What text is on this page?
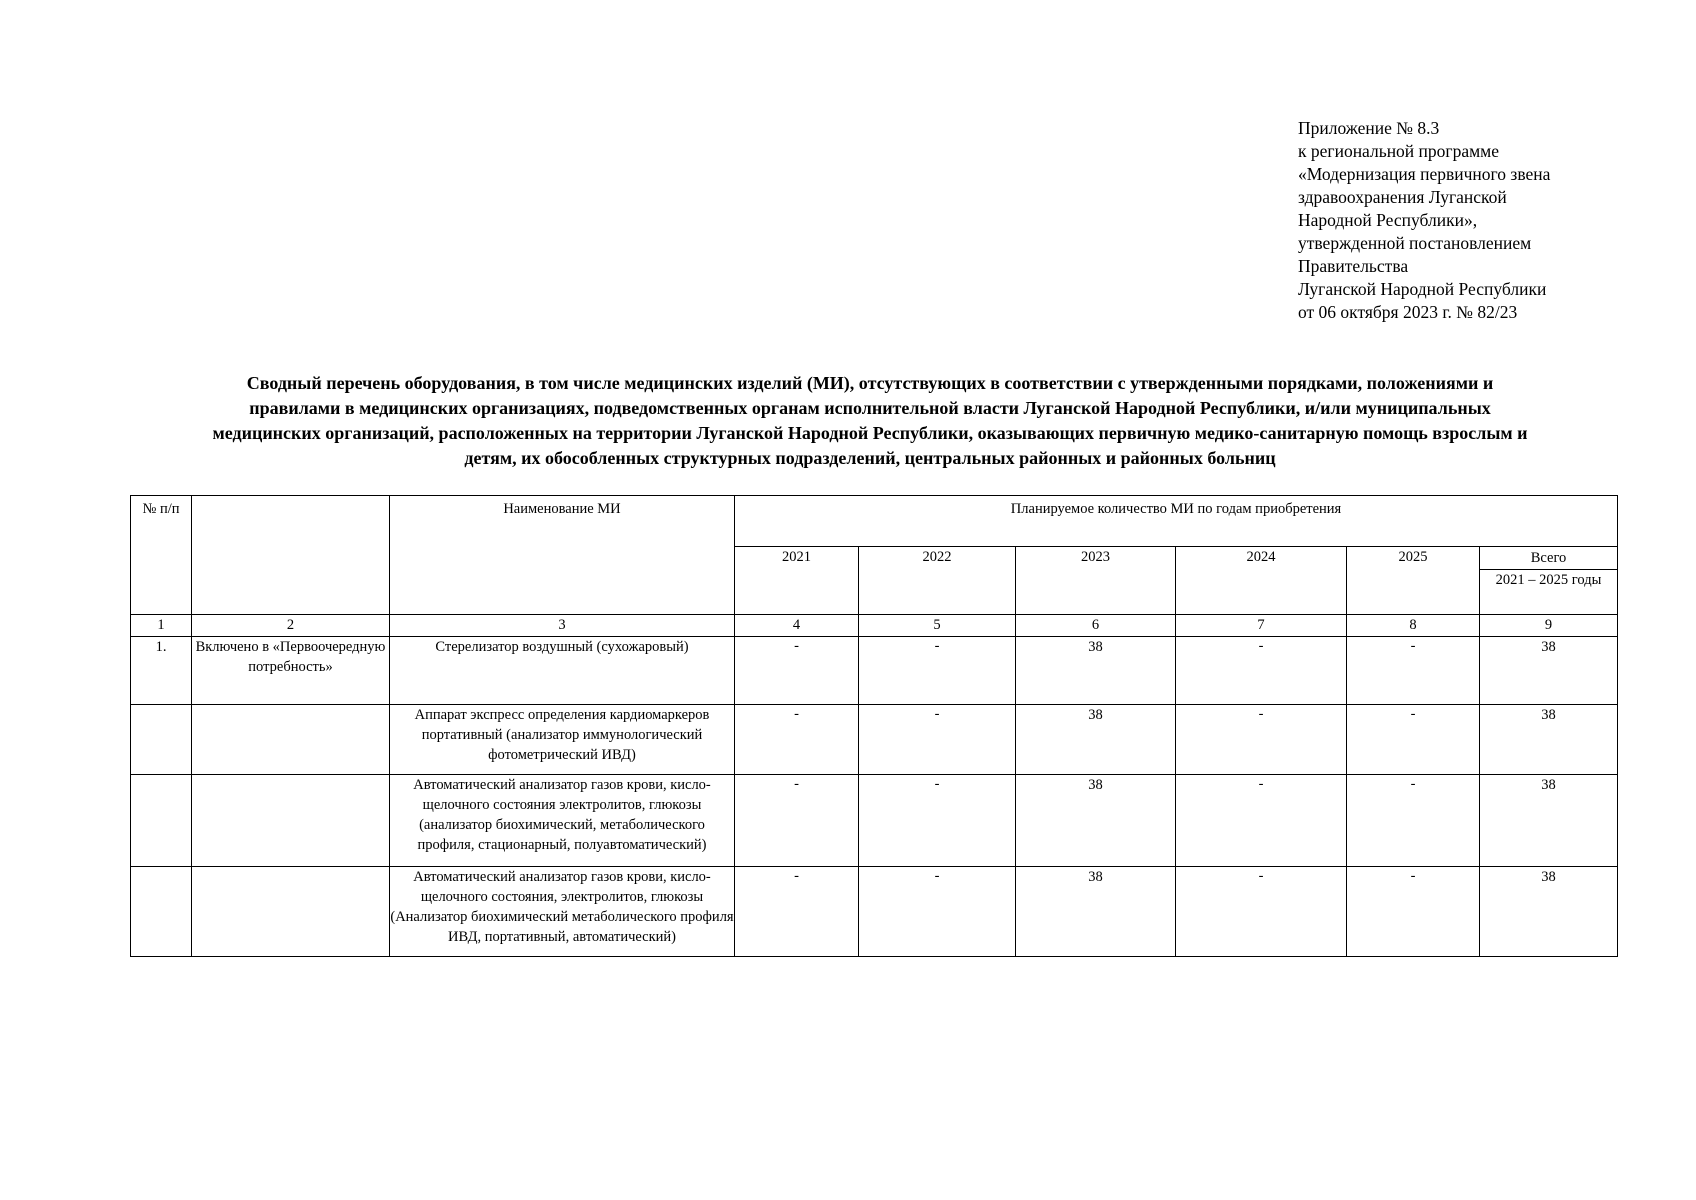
Приложение № 8.3
к региональной программе
«Модернизация первичного звена
здравоохранения Луганской
Народной Республики»,
утвержденной постановлением
Правительства
Луганской Народной Республики
от 06 октября 2023 г. № 82/23
Сводный перечень оборудования, в том числе медицинских изделий (МИ), отсутствующих в соответствии с утвержденными порядками, положениями и
правилами в медицинских организациях, подведомственных органам исполнительной власти Луганской Народной Республики, и/или муниципальных
медицинских организаций, расположенных на территории Луганской Народной Республики, оказывающих первичную медико-санитарную помощь взрослым и
детям, их обособленных структурных подразделений, центральных районных и районных больниц
№ п/п		Наименование МИ	Планируемое количество МИ по годам приобретения					
			2021	2022	2023	2024	2025	Всего
2021 – 2025 годы

1	2	3	4	5	6	7	8	9
1.	Включено в «Первоочередную потребность»	Стерелизатор воздушный (сухожаровый)	-	-	38	-	-	38
		Аппарат экспресс определения кардиомаркеров портативный (анализатор иммунологический фотометрический ИВД)	-	-	38	-	-	38
		Автоматический анализатор газов крови, кисло-щелочного состояния электролитов, глюкозы (анализатор биохимический, метаболического профиля, стационарный, полуавтоматический)	-	-	38	-	-	38
		Автоматический анализатор газов крови, кисло-щелочного состояния, электролитов, глюкозы (Анализатор биохимический метаболического профиля ИВД, портативный, автоматический)	-	-	38	-	-	38
